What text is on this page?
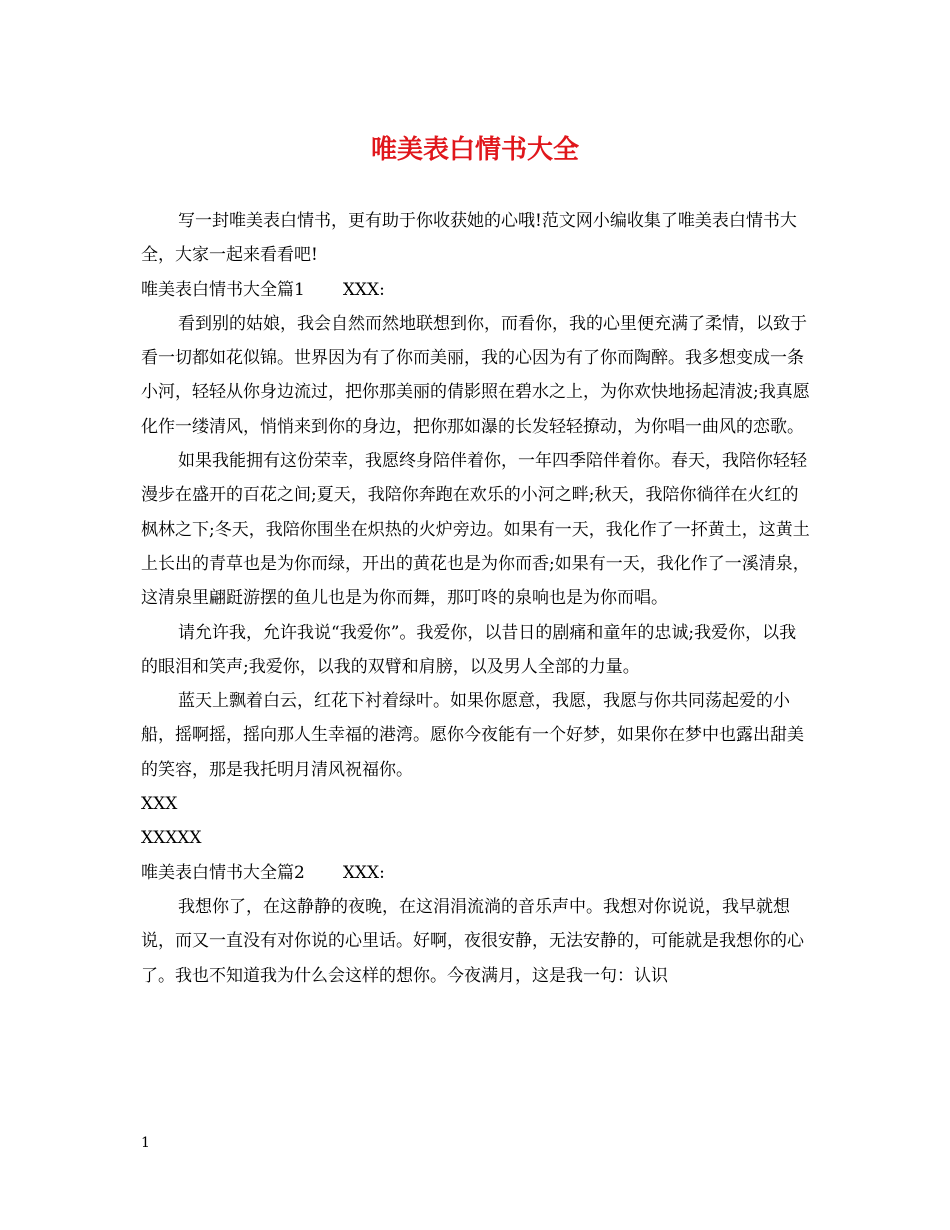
唯美表白情书大全

写一封唯美表白情书，更有助于你收获她的心哦!范文网小编收集了唯美表白情书大全，大家一起来看看吧!

唯美表白情书大全篇1 XXX:

看到别的姑娘，我会自然而然地联想到你，而看你，我的心里便充满了柔情，以致于看一切都如花似锦。世界因为有了你而美丽，我的心因为有了你而陶醉。我多想变成一条小河，轻轻从你身边流过，把你那美丽的倩影照在碧水之上，为你欢快地扬起清波;我真愿化作一缕清风，悄悄来到你的身边，把你那如瀑的长发轻轻撩动，为你唱一曲风的恋歌。

如果我能拥有这份荣幸，我愿终身陪伴着你，一年四季陪伴着你。春天，我陪你轻轻漫步在盛开的百花之间;夏天，我陪你奔跑在欢乐的小河之畔;秋天，我陪你徜徉在火红的枫林之下;冬天，我陪你围坐在炽热的火炉旁边。如果有一天，我化作了一抔黄土，这黄土上长出的青草也是为你而绿，开出的黄花也是为你而香;如果有一天，我化作了一溪清泉，这清泉里翩跹游摆的鱼儿也是为你而舞，那叮咚的泉响也是为你而唱。

请允许我，允许我说“我爱你”。我爱你，以昔日的剧痛和童年的忠诚;我爱你，以我的眼泪和笑声;我爱你，以我的双臂和肩膀，以及男人全部的力量。

蓝天上飘着白云，红花下衬着绿叶。如果你愿意，我愿，我愿与你共同荡起爱的小船，摇啊摇，摇向那人生幸福的港湾。愿你今夜能有一个好梦，如果你在梦中也露出甜美的笑容，那是我托明月清风祝福你。

XXX

XXXXX

唯美表白情书大全篇2 XXX:

我想你了，在这静静的夜晚，在这涓涓流淌的音乐声中。我想对你说说，我早就想说，而又一直没有对你说的心里话。好啊，夜很安静，无法安静的，可能就是我想你的心了。我也不知道我为什么会这样的想你。今夜满月，这是我一句：认识

1
